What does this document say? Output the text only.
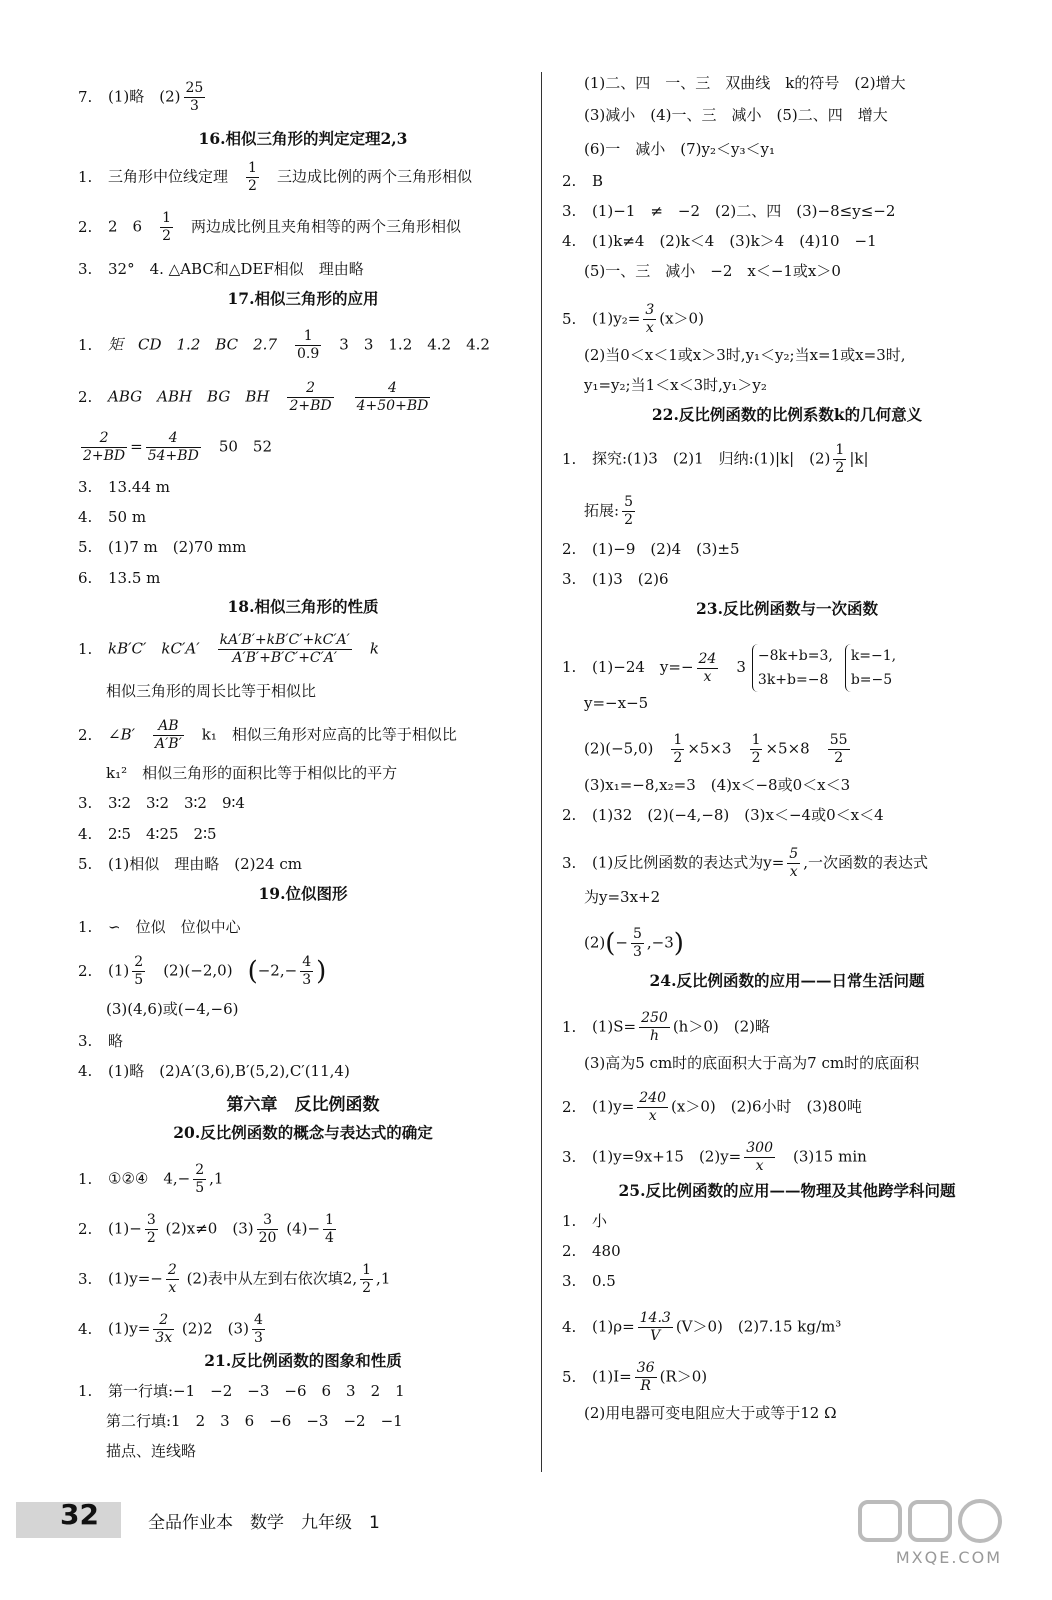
7. (1)略　$(2) \frac{25}{3}$
16.相似三角形的判定定理2,3
1. 三角形中位线定理　 $\frac{1}{2}$
　 三边成比例的两个三角形相似
2. 2　6　 $\frac{1}{2}$
　 两边成比例且夹角相等的两个三角形相似
3. 32°　4. △ABC和△DEF相似　理由略
17.相似三角形的应用
1. 矩　CD　1.2　BC　2.7　 $\frac{1}{0.9}$
　 3　3　1.2　4.2　4.2
2. ABG　ABH　BG　BH　 $\frac{2}{2+BD}$
　 $\frac{4}{4+50+BD}$
$\frac{2}{2+BD} = \frac{4}{54+BD}$
　 50　52
3. 13.44 m
4. 50 m
5. (1)7 m　(2)70 mm
6. 13.5 m
18.相似三角形的性质
1. kB′C′　kC′A′　 $\frac{kA'B'+kB'C'+kC'A'}{A'B'+B'C'+C'A'}$
　 k
相似三角形的周长比等于相似比
2. ∠B′　 $\frac{AB}{A'B'}$
　 k₁　相似三角形对应高的比等于相似比
k₁²　相似三角形的面积比等于相似比的平方
3. 3∶2　3∶2　3∶2　9∶4
4. 2∶5　4∶25　2∶5
5. (1)相似　理由略　(2)24 cm
19.位似图形
1. ∽　位似　位似中心
2. $(1) \frac{2}{5}$
　 (2)(−2,0)　 ($-2,- \frac{4}{3}$ )
(3)(4,6)或(−4,−6)
3. 略
4. (1)略　(2)A′(3,6),B′(5,2),C′(11,4)
第六章　反比例函数
20.反比例函数的概念与表达式的确定
1. ①②④　$4,- \frac{2}{5} ,1$
2. $(1)- \frac{3}{2} (2)x\ne 0$　$(3) \frac{3}{20} (4)- \frac{1}{4}$
3. $(1)y=- \frac{2}{x} (2)$表中从左到右依次填2, $\frac{1}{2} ,1$
4. $(1)y= \frac{2}{3x} (2)2$　$(3) \frac{4}{3}$
21.反比例函数的图象和性质
1. 第一行填:−1　−2　−3　−6　6　3　2　1
第二行填:1　2　3　6　−6　−3　−2　−1
描点、连线略
(1)二、四　一、三　双曲线　k的符号　(2)增大
(3)减小　(4)一、三　减小　(5)二、四　增大
(6)一　减小　(7)y₂＜y₃＜y₁
2. B
3. (1)−1　≠　−2　(2)二、四　(3)−8≤y≤−2
4. (1)k≠4　(2)k＜4　(3)k＞4　(4)10　−1
(5)一、三　减小　−2　x＜−1或x＞0
5. $(1)y_2= \frac{3}{x} (x>0)$
(2)当0＜x＜1或x＞3时,y₁＜y₂;当x=1或x=3时,
y₁=y₂;当1＜x＜3时,y₁＞y₂
22.反比例函数的比例系数k的几何意义
1. 探究:(1)3　(2)1　归纳:(1)|k|　$(2) \frac{1}{2} |k|$
拓展: $\frac{5}{2}$
2. (1)−9　(2)4　(3)±5
3. (1)3　(2)6
23.反比例函数与一次函数
1. (1)−24　$y=- \frac{24}{x}$
　 3
−8k+b=3,
3k+b=−8
k=−1,
b=−5
y=−x−5
(2)(−5,0)　 $\frac{1}{2} \times 5\times 3$　 $\frac{1}{2} \times 5\times 8$　 $\frac{55}{2}$
(3)x₁=−8,x₂=3　(4)x＜−8或0＜x＜3
2. (1)32　(2)(−4,−8)　(3)x＜−4或0＜x＜4
3. (1)反比例函数的表达式为$y= \frac{5}{x}$ ,一次函数的表达式
为y=3x+2
$(2)(- \frac{5}{3} ,-3)$
24.反比例函数的应用——日常生活问题
1. $(1)S= \frac{250}{h} (h>0)$　(2)略
(3)高为5 cm时的底面积大于高为7 cm时的底面积
2. $(1)y= \frac{240}{x} (x>0)$　(2)6小时　(3)80吨
3. (1)y=9x+15　$(2)y= \frac{300}{x}$
　 (3)15 min
25.反比例函数的应用——物理及其他跨学科问题
1. 小
2. 480
3. 0.5
4. $(1)\rho= \frac{14.3}{V} (V>0)$　(2)7.15 kg/m³
5. $(1)I= \frac{36}{R} (R>0)$
(2)用电器可变电阻应大于或等于12 Ω
32	全品作业本　数学　九年级　1
MXQE.COM
